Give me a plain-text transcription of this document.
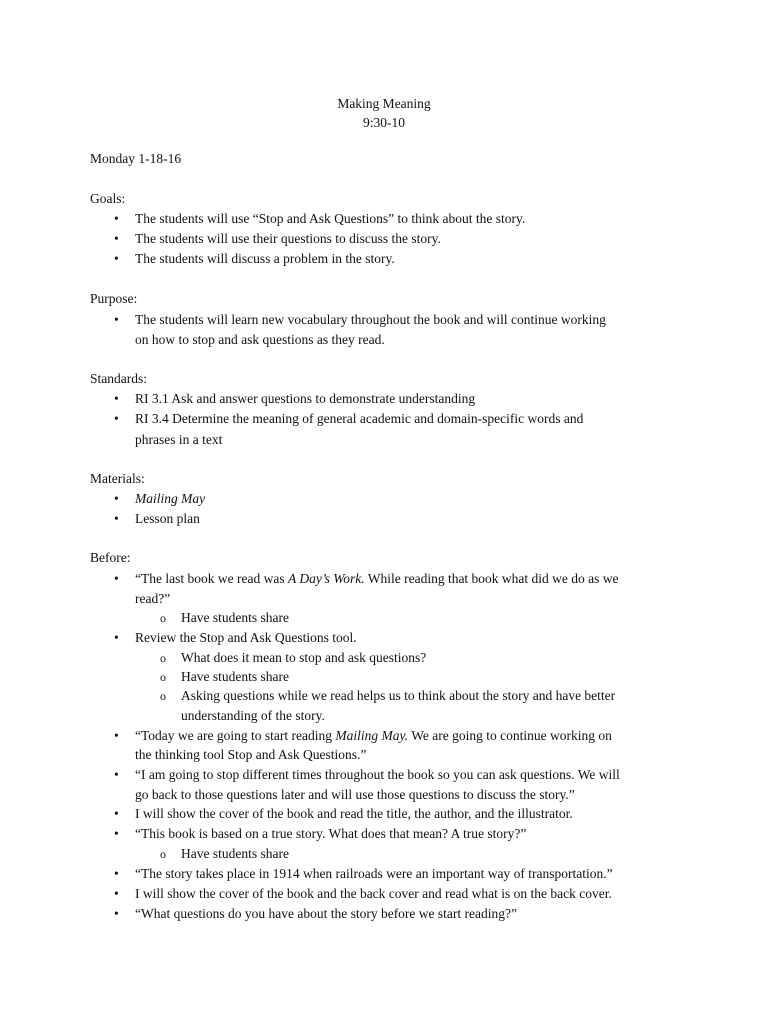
Making Meaning
9:30-10
Monday 1-18-16
Goals:
• The students will use “Stop and Ask Questions” to think about the story.
• The students will use their questions to discuss the story.
• The students will discuss a problem in the story.
Purpose:
• The students will learn new vocabulary throughout the book and will continue working
on how to stop and ask questions as they read.
Standards:
• RI 3.1 Ask and answer questions to demonstrate understanding
• RI 3.4 Determine the meaning of general academic and domain-specific words and
phrases in a text
Materials:
• Mailing May
• Lesson plan
Before:
• “The last book we read was A Day’s Work. While reading that book what did we do as we
read?”
o Have students share
• Review the Stop and Ask Questions tool.
o What does it mean to stop and ask questions?
o Have students share
o Asking questions while we read helps us to think about the story and have better
understanding of the story.
• “Today we are going to start reading Mailing May. We are going to continue working on
the thinking tool Stop and Ask Questions.”
• “I am going to stop different times throughout the book so you can ask questions. We will
go back to those questions later and will use those questions to discuss the story.”
• I will show the cover of the book and read the title, the author, and the illustrator.
• “This book is based on a true story. What does that mean? A true story?”
o Have students share
• “The story takes place in 1914 when railroads were an important way of transportation.”
• I will show the cover of the book and the back cover and read what is on the back cover.
• “What questions do you have about the story before we start reading?”
